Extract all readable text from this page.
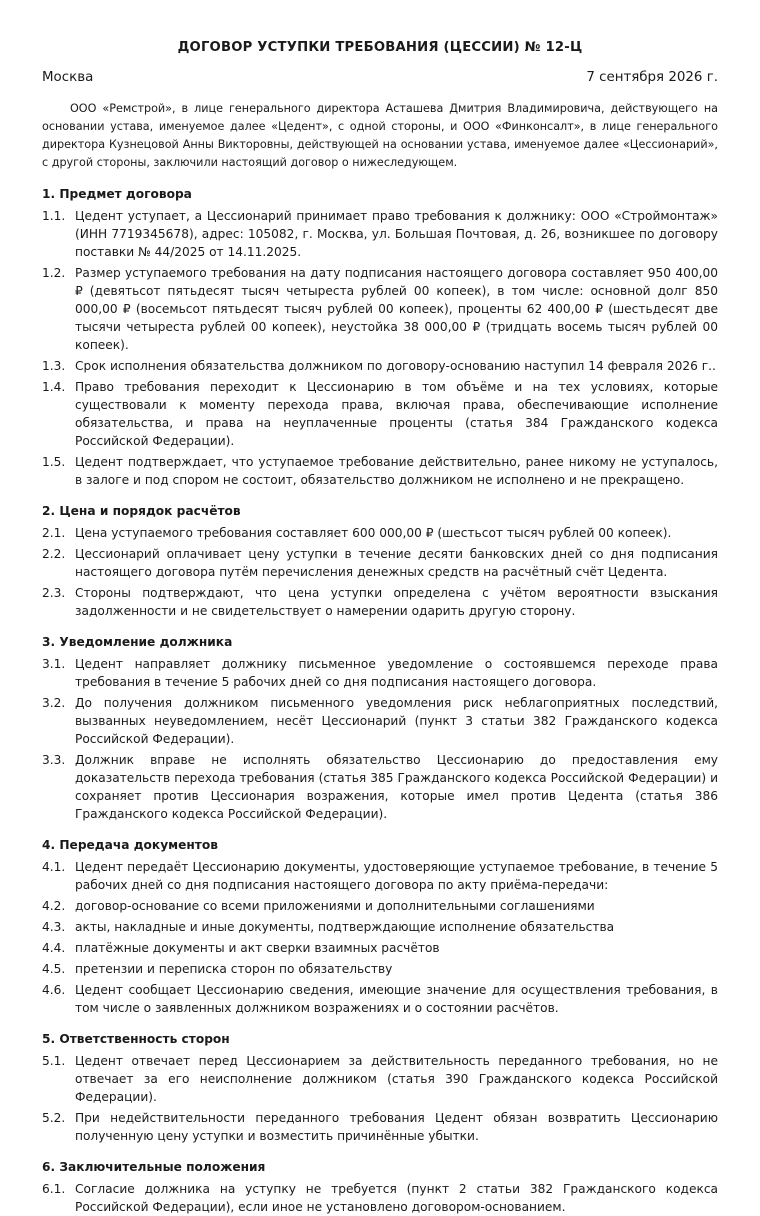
ДОГОВОР УСТУПКИ ТРЕБОВАНИЯ (ЦЕССИИ) № 12-Ц
Москва	7 сентября 2026 г.

ООО «Ремстрой», в лице генерального директора Асташева Дмитрия Владимировича, действующего на основании устава, именуемое далее «Цедент», с одной стороны, и ООО «Финконсалт», в лице генерального директора Кузнецовой Анны Викторовны, действующей на основании устава, именуемое далее «Цессионарий», с другой стороны, заключили настоящий договор о нижеследующем.

1. Предмет договора
1.1. Цедент уступает, а Цессионарий принимает право требования к должнику: ООО «Строймонтаж» (ИНН 7719345678), адрес: 105082, г. Москва, ул. Большая Почтовая, д. 26, возникшее по договору поставки № 44/2025 от 14.11.2025.
1.2. Размер уступаемого требования на дату подписания настоящего договора составляет 950 400,00 ₽ (девятьсот пятьдесят тысяч четыреста рублей 00 копеек), в том числе: основной долг 850 000,00 ₽ (восемьсот пятьдесят тысяч рублей 00 копеек), проценты 62 400,00 ₽ (шестьдесят две тысячи четыреста рублей 00 копеек), неустойка 38 000,00 ₽ (тридцать восемь тысяч рублей 00 копеек).
1.3. Срок исполнения обязательства должником по договору-основанию наступил 14 февраля 2026 г..
1.4. Право требования переходит к Цессионарию в том объёме и на тех условиях, которые существовали к моменту перехода права, включая права, обеспечивающие исполнение обязательства, и права на неуплаченные проценты (статья 384 Гражданского кодекса Российской Федерации).
1.5. Цедент подтверждает, что уступаемое требование действительно, ранее никому не уступалось, в залоге и под спором не состоит, обязательство должником не исполнено и не прекращено.
2. Цена и порядок расчётов
2.1. Цена уступаемого требования составляет 600 000,00 ₽ (шестьсот тысяч рублей 00 копеек).
2.2. Цессионарий оплачивает цену уступки в течение десяти банковских дней со дня подписания настоящего договора путём перечисления денежных средств на расчётный счёт Цедента.
2.3. Стороны подтверждают, что цена уступки определена с учётом вероятности взыскания задолженности и не свидетельствует о намерении одарить другую сторону.
3. Уведомление должника
3.1. Цедент направляет должнику письменное уведомление о состоявшемся переходе права требования в течение 5 рабочих дней со дня подписания настоящего договора.
3.2. До получения должником письменного уведомления риск неблагоприятных последствий, вызванных неуведомлением, несёт Цессионарий (пункт 3 статьи 382 Гражданского кодекса Российской Федерации).
3.3. Должник вправе не исполнять обязательство Цессионарию до предоставления ему доказательств перехода требования (статья 385 Гражданского кодекса Российской Федерации) и сохраняет против Цессионария возражения, которые имел против Цедента (статья 386 Гражданского кодекса Российской Федерации).
4. Передача документов
4.1. Цедент передаёт Цессионарию документы, удостоверяющие уступаемое требование, в течение 5 рабочих дней со дня подписания настоящего договора по акту приёма-передачи:
4.2. договор-основание со всеми приложениями и дополнительными соглашениями
4.3. акты, накладные и иные документы, подтверждающие исполнение обязательства
4.4. платёжные документы и акт сверки взаимных расчётов
4.5. претензии и переписка сторон по обязательству
4.6. Цедент сообщает Цессионарию сведения, имеющие значение для осуществления требования, в том числе о заявленных должником возражениях и о состоянии расчётов.
5. Ответственность сторон
5.1. Цедент отвечает перед Цессионарием за действительность переданного требования, но не отвечает за его неисполнение должником (статья 390 Гражданского кодекса Российской Федерации).
5.2. При недействительности переданного требования Цедент обязан возвратить Цессионарию полученную цену уступки и возместить причинённые убытки.
6. Заключительные положения
6.1. Согласие должника на уступку не требуется (пункт 2 статьи 382 Гражданского кодекса Российской Федерации), если иное не установлено договором-основанием.
